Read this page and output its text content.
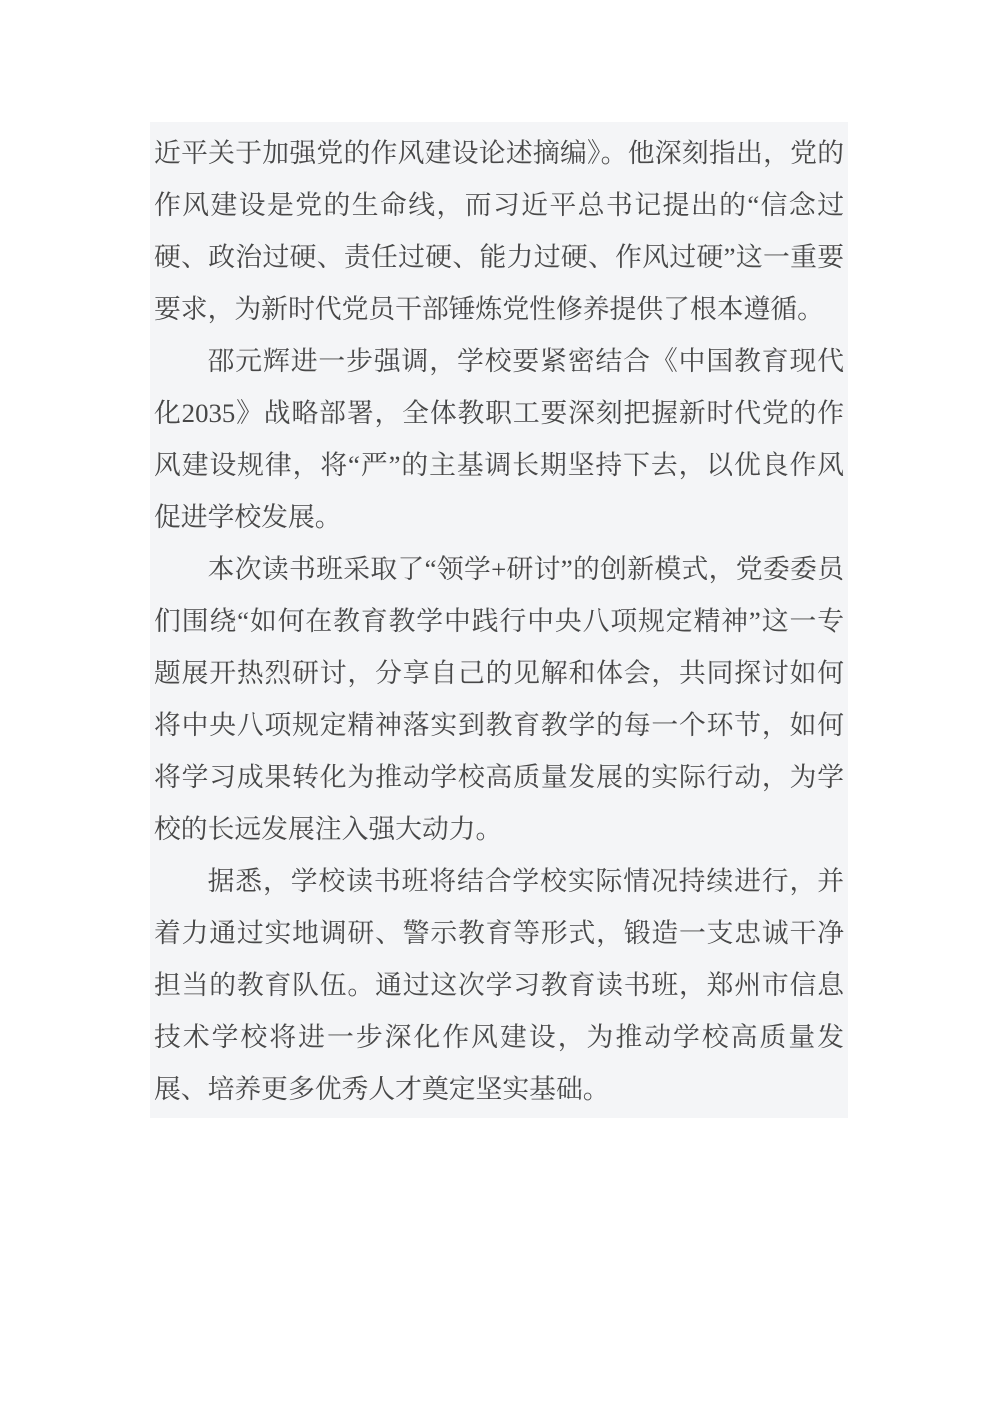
近平关于加强党的作风建设论述摘编》。他深刻指出，党的作风建设是党的生命线，而习近平总书记提出的“信念过硬、政治过硬、责任过硬、能力过硬、作风过硬”这一重要要求，为新时代党员干部锤炼党性修养提供了根本遵循。

邵元辉进一步强调，学校要紧密结合《中国教育现代化2035》战略部署，全体教职工要深刻把握新时代党的作风建设规律，将“严”的主基调长期坚持下去，以优良作风促进学校发展。

本次读书班采取了“领学+研讨”的创新模式，党委委员们围绕“如何在教育教学中践行中央八项规定精神”这一专题展开热烈研讨，分享自己的见解和体会，共同探讨如何将中央八项规定精神落实到教育教学的每一个环节，如何将学习成果转化为推动学校高质量发展的实际行动，为学校的长远发展注入强大动力。

据悉，学校读书班将结合学校实际情况持续进行，并着力通过实地调研、警示教育等形式，锻造一支忠诚干净担当的教育队伍。通过这次学习教育读书班，郑州市信息技术学校将进一步深化作风建设，为推动学校高质量发展、培养更多优秀人才奠定坚实基础。
